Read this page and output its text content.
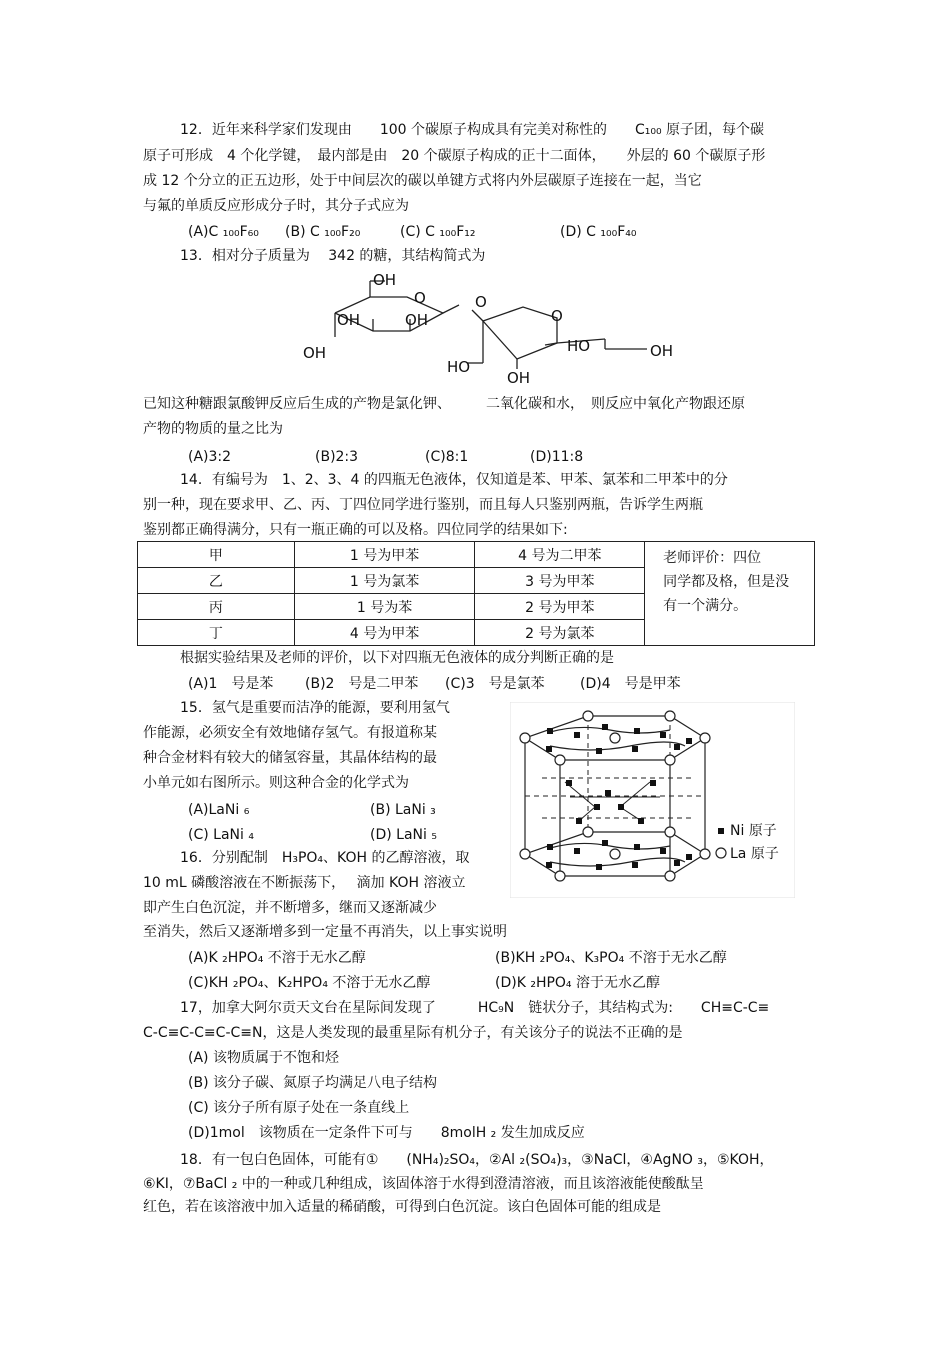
12．近年来科学家们发现由　　100 个碳原子构成具有完美对称性的　　C₁₀₀ 原子团，每个碳
原子可形成　4 个化学键，　最内部是由　20 个碳原子构成的正十二面体，　　外层的 60 个碳原子形
成 12 个分立的正五边形，处于中间层次的碳以单键方式将内外层碳原子连接在一起，当它
与氟的单质反应形成分子时，其分子式应为
(A)C ₁₀₀F₆₀ (B) C ₁₀₀F₂₀	(C) C ₁₀₀F₁₂	(D) C ₁₀₀F₄₀
13．相对分子质量为　 342 的糖，其结构简式为
OH
O
OH	OH
OH
O
O
HO	OH
HO
OH
已知这种糖跟氯酸钾反应后生成的产物是氯化钾、　　　二氧化碳和水，　则反应中氧化产物跟还原
产物的物质的量之比为
(A)3:2	(B)2:3	(C)8:1	(D)11:8
14．有编号为　1、2、3、4 的四瓶无色液体，仅知道是苯、甲苯、氯苯和二甲苯中的分
别一种，现在要求甲、乙、丙、丁四位同学进行鉴别，而且每人只鉴别两瓶，告诉学生两瓶
鉴别都正确得满分，只有一瓶正确的可以及格。四位同学的结果如下:
甲	1 号为甲苯	4 号为二甲苯	老师评价：四位
同学都及格，但是没
有一个满分。

乙	1 号为氯苯	3 号为甲苯	
丙	1 号为苯	2 号为甲苯	
丁	4 号为甲苯	2 号为氯苯	
根据实验结果及老师的评价，以下对四瓶无色液体的成分判断正确的是
(A)1　号是苯 (B)2　号是二甲苯 (C)3　号是氯苯	(D)4　号是甲苯
15．氢气是重要而洁净的能源，要利用氢气
作能源，必须安全有效地储存氢气。有报道称某
种合金材料有较大的储氢容量，其晶体结构的最
小单元如右图所示。则这种合金的化学式为
(A)LaNi ₆	(B) LaNi ₃
(C) LaNi ₄	(D) LaNi ₅	Ni 原子
La 原子
16．分别配制　H₃PO₄、KOH 的乙醇溶液，取
10 mL 磷酸溶液在不断振荡下，　 滴加 KOH 溶液立
即产生白色沉淀，并不断增多，继而又逐渐减少
至消失，然后又逐渐增多到一定量不再消失，以上事实说明
(A)K ₂HPO₄ 不溶于无水乙醇	(B)KH ₂PO₄、K₃PO₄ 不溶于无水乙醇
(C)KH ₂PO₄、K₂HPO₄ 不溶于无水乙醇	(D)K ₂HPO₄ 溶于无水乙醇
17，加拿大阿尔贡天文台在星际间发现了　　　HC₉N　链状分子，其结构式为:　　CH≡C-C≡
C-C≡C-C≡C-C≡N，这是人类发现的最重星际有机分子，有关该分子的说法不正确的是
(A) 该物质属于不饱和烃
(B) 该分子碳、氮原子均满足八电子结构
(C) 该分子所有原子处在一条直线上
(D)1mol　该物质在一定条件下可与　　8molH ₂ 发生加成反应
18．有一包白色固体，可能有①　　(NH₄)₂SO₄，②Al ₂(SO₄)₃，③NaCl，④AgNO ₃，⑤KOH，
⑥KI，⑦BaCl ₂ 中的一种或几种组成，该固体溶于水得到澄清溶液，而且该溶液能使酸酞呈
红色，若在该溶液中加入适量的稀硝酸，可得到白色沉淀。该白色固体可能的组成是
